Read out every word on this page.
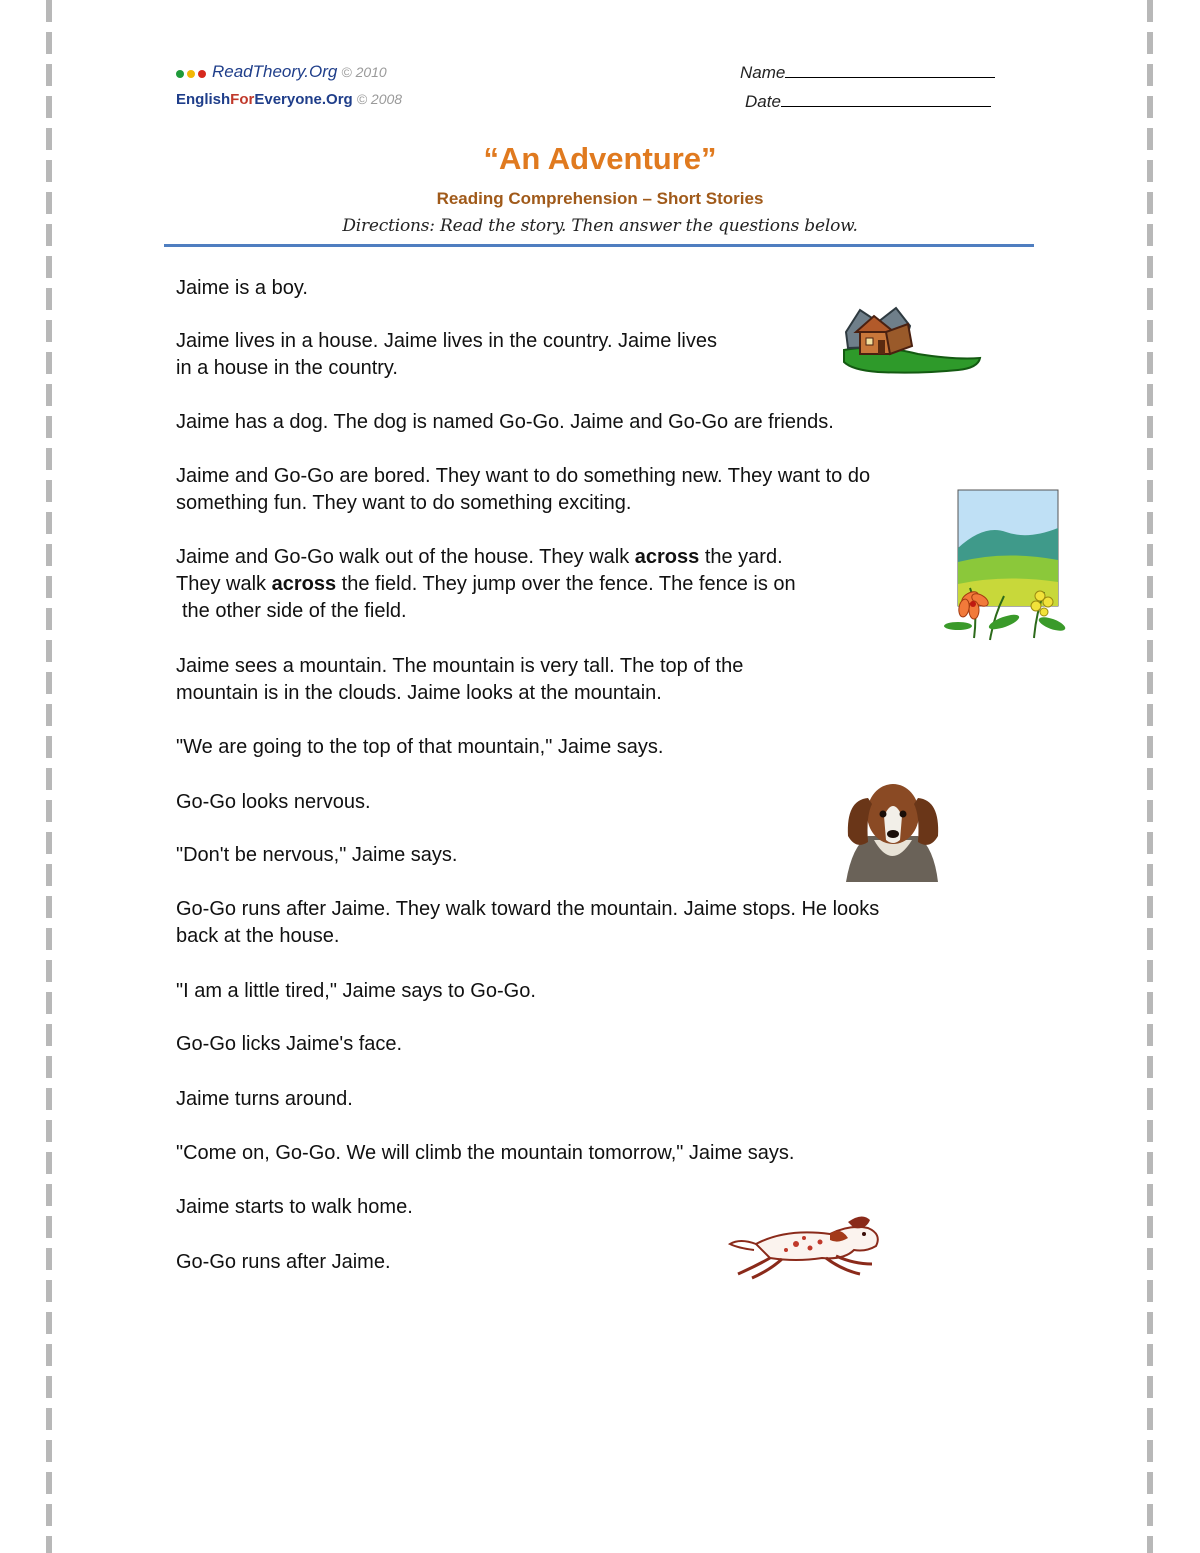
ReadTheory.Org © 2010
EnglishForEveryone.Org © 2008
Name
Date
“An Adventure”
Reading Comprehension – Short Stories
Directions: Read the story. Then answer the questions below.
Jaime is a boy.
Jaime lives in a house. Jaime lives in the country. Jaime lives
in a house in the country.
Jaime has a dog. The dog is named Go-Go. Jaime and Go-Go are friends.
Jaime and Go-Go are bored. They want to do something new. They want to do
something fun. They want to do something exciting.
Jaime and Go-Go walk out of the house. They walk across the yard.
They walk across the field. They jump over the fence. The fence is on
the other side of the field.
Jaime sees a mountain. The mountain is very tall. The top of the
mountain is in the clouds. Jaime looks at the mountain.
"We are going to the top of that mountain," Jaime says.
Go-Go looks nervous.
"Don't be nervous," Jaime says.
Go-Go runs after Jaime. They walk toward the mountain. Jaime stops. He looks
back at the house.
"I am a little tired," Jaime says to Go-Go.
Go-Go licks Jaime's face.
Jaime turns around.
"Come on, Go-Go. We will climb the mountain tomorrow," Jaime says.
Jaime starts to walk home.
Go-Go runs after Jaime.
